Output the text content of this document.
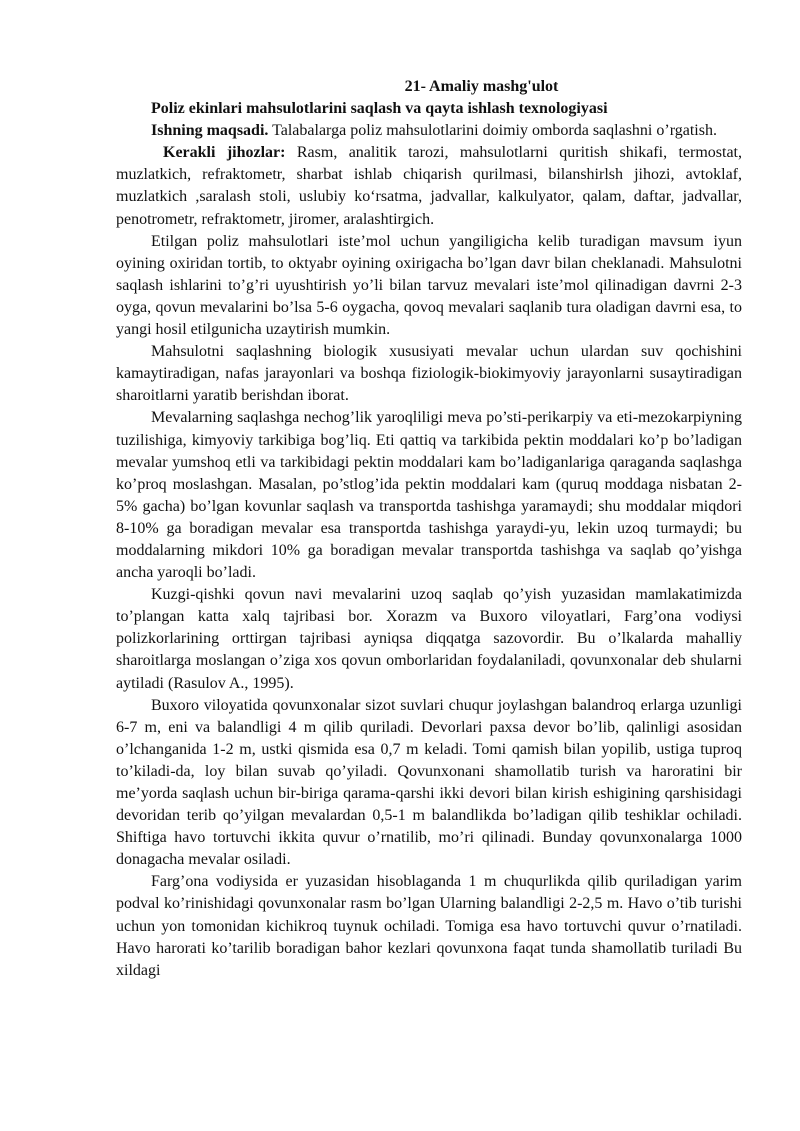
21- Amaliy mashg'ulot

Poliz ekinlari mahsulotlarini saqlash va qayta ishlash texnologiyasi

Ishning maqsadi. Talabalarga poliz mahsulotlarini doimiy omborda saqlashni o’rgatish.

Kerakli jihozlar: Rasm, analitik tarozi, mahsulotlarni quritish shikafi, termostat, muzlatkich, refraktometr, sharbat ishlab chiqarish qurilmasi, bilanshirlsh jihozi, avtoklaf, muzlatkich ,saralash stoli, uslubiy ko‘rsatma, jadvallar, kalkulyator, qalam, daftar, jadvallar, penotrometr, refraktometr, jiromer, aralashtirgich.

Etilgan poliz mahsulotlari iste’mol uchun yangiligicha kelib turadigan mavsum iyun oyining oxiridan tortib, to oktyabr oyining oxirigacha bo’lgan davr bilan cheklanadi. Mahsulotni saqlash ishlarini to’g’ri uyushtirish yo’li bilan tarvuz mevalari iste’mol qilinadigan davrni 2-3 oyga, qovun mevalarini bo’lsa 5-6 oygacha, qovoq mevalari saqlanib tura oladigan davrni esa, to yangi hosil etilgunicha uzaytirish mumkin.

Mahsulotni saqlashning biologik xususiyati mevalar uchun ulardan suv qochishini kamaytiradigan, nafas jarayonlari va boshqa fiziologik-biokimyoviy jarayonlarni susaytiradigan sharoitlarni yaratib berishdan iborat.

Mevalarning saqlashga nechog’lik yaroqliligi meva po’sti-perikarpiy va eti-mezokarpiyning tuzilishiga, kimyoviy tarkibiga bog’liq. Eti qattiq va tarkibida pektin moddalari ko’p bo’ladigan mevalar yumshoq etli va tarkibidagi pektin moddalari kam bo’ladiganlariga qaraganda saqlashga ko’proq moslashgan. Masalan, po’stlog’ida pektin moddalari kam (quruq moddaga nisbatan 2-5% gacha) bo’lgan kovunlar saqlash va transportda tashishga yaramaydi; shu moddalar miqdori 8-10% ga boradigan mevalar esa transportda tashishga yaraydi-yu, lekin uzoq turmaydi; bu moddalarning mikdori 10% ga boradigan mevalar transportda tashishga va saqlab qo’yishga ancha yaroqli bo’ladi.

Kuzgi-qishki qovun navi mevalarini uzoq saqlab qo’yish yuzasidan mamlakatimizda to’plangan katta xalq tajribasi bor. Xorazm va Buxoro viloyatlari, Farg’ona vodiysi polizkorlarining orttirgan tajribasi ayniqsa diqqatga sazovordir. Bu o’lkalarda mahalliy sharoitlarga moslangan o’ziga xos qovun omborlaridan foydalaniladi, qovunxonalar deb shularni aytiladi (Rasulov A., 1995).

Buxoro viloyatida qovunxonalar sizot suvlari chuqur joylashgan balandroq erlarga uzunligi 6-7 m, eni va balandligi 4 m qilib quriladi. Devorlari paxsa devor bo’lib, qalinligi asosidan o’lchanganida 1-2 m, ustki qismida esa 0,7 m keladi. Tomi qamish bilan yopilib, ustiga tuproq to’kiladi-da, loy bilan suvab qo’yiladi. Qovunxonani shamollatib turish va haroratini bir me’yorda saqlash uchun bir-biriga qarama-qarshi ikki devori bilan kirish eshigining qarshisidagi devoridan terib qo’yilgan mevalardan 0,5-1 m balandlikda bo’ladigan qilib teshiklar ochiladi. Shiftiga havo tortuvchi ikkita quvur o’rnatilib, mo’ri qilinadi. Bunday qovunxonalarga 1000 donagacha mevalar osiladi.

Farg’ona vodiysida er yuzasidan hisoblaganda 1 m chuqurlikda qilib quriladigan yarim podval ko’rinishidagi qovunxonalar rasm bo’lgan Ularning balandligi 2-2,5 m. Havo o’tib turishi uchun yon tomonidan kichikroq tuynuk ochiladi. Tomiga esa havo tortuvchi quvur o’rnatiladi. Havo harorati ko’tarilib boradigan bahor kezlari qovunxona faqat tunda shamollatib turiladi Bu xildagi
